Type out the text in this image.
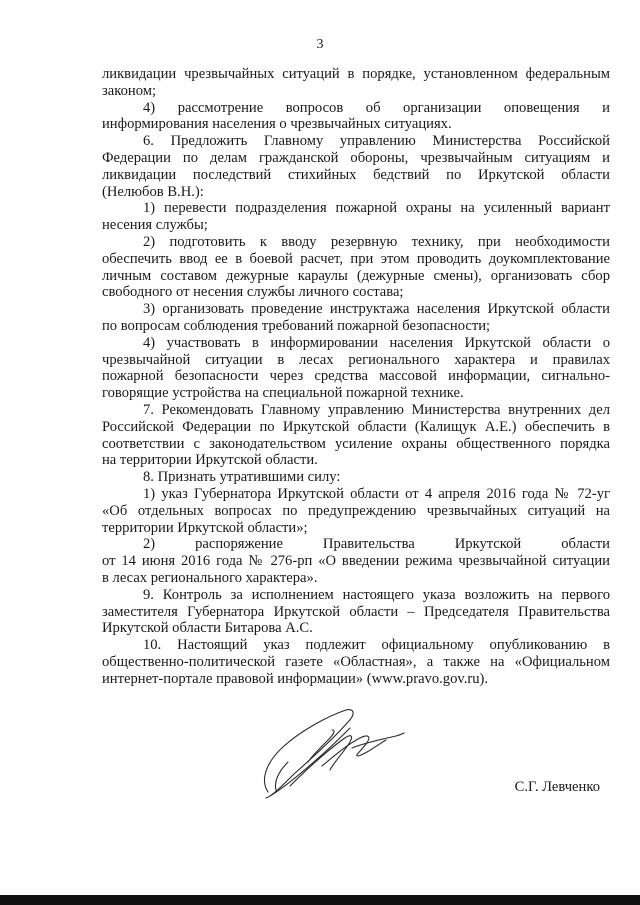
3
ликвидации чрезвычайных ситуаций в порядке, установленном федеральным
законом;
4) рассмотрение вопросов об организации оповещения и
информирования населения о чрезвычайных ситуациях.
6. Предложить Главному управлению Министерства Российской
Федерации по делам гражданской обороны, чрезвычайным ситуациям и
ликвидации последствий стихийных бедствий по Иркутской области
(Нелюбов В.Н.):
1) перевести подразделения пожарной охраны на усиленный вариант
несения службы;
2) подготовить к вводу резервную технику, при необходимости
обеспечить ввод ее в боевой расчет, при этом проводить доукомплектование
личным составом дежурные караулы (дежурные смены), организовать сбор
свободного от несения службы личного состава;
3) организовать проведение инструктажа населения Иркутской области
по вопросам соблюдения требований пожарной безопасности;
4) участвовать в информировании населения Иркутской области о
чрезвычайной ситуации в лесах регионального характера и правилах
пожарной безопасности через средства массовой информации, сигнально-
говорящие устройства на специальной пожарной технике.
7. Рекомендовать Главному управлению Министерства внутренних дел
Российской Федерации по Иркутской области (Калищук А.Е.) обеспечить в
соответствии с законодательством усиление охраны общественного порядка
на территории Иркутской области.
8. Признать утратившими силу:
1) указ Губернатора Иркутской области от 4 апреля 2016 года № 72-уг
«Об отдельных вопросах по предупреждению чрезвычайных ситуаций на
территории Иркутской области»;
2) распоряжение Правительства Иркутской области
от 14 июня 2016 года № 276-рп «О введении режима чрезвычайной ситуации
в лесах регионального характера».
9. Контроль за исполнением настоящего указа возложить на первого
заместителя Губернатора Иркутской области – Председателя Правительства
Иркутской области Битарова А.С.
10. Настоящий указ подлежит официальному опубликованию в
общественно-политической газете «Областная», а также на «Официальном
интернет-портале правовой информации» (www.pravo.gov.ru).
С.Г. Левченко
